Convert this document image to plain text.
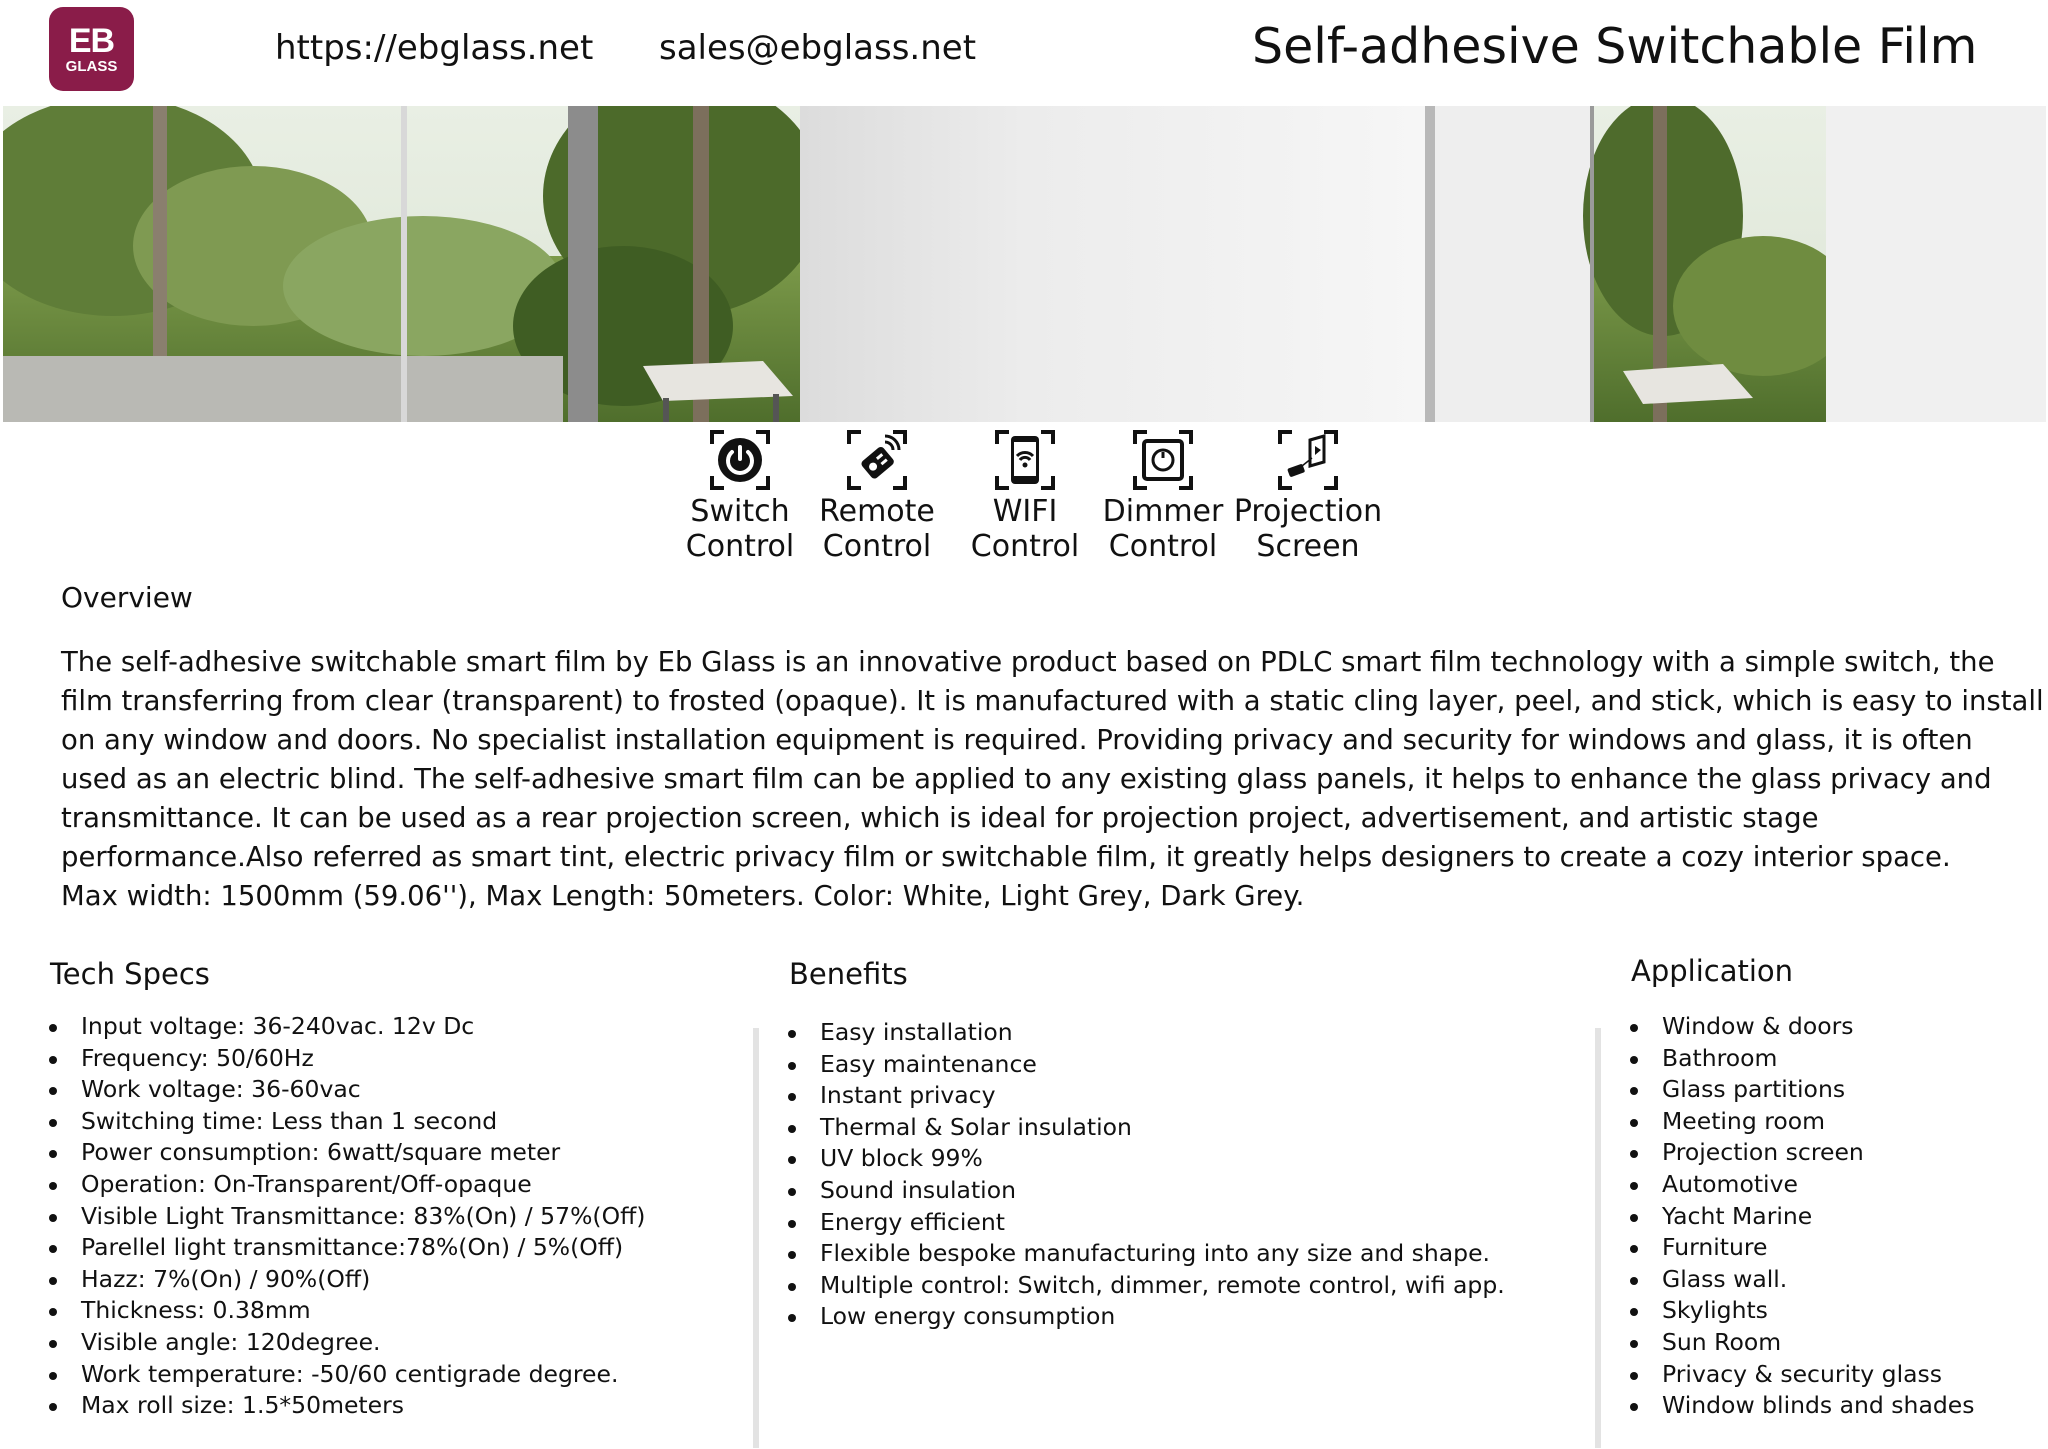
EB
GLASS	https://ebglass.net sales@ebglass.net	Self-adhesive Switchable Film
Switch
Control
Remote
Control
WIFI
Control
Dimmer
Control
Projection
Screen
Overview

The self-adhesive switchable smart film by Eb Glass is an innovative product based on PDLC smart film technology with a simple switch, the film transferring from clear (transparent) to frosted (opaque). It is manufactured with a static cling layer, peel, and stick, which is easy to install on any window and doors. No specialist installation equipment is required. Providing privacy and security for windows and glass, it is often used as an electric blind. The self-adhesive smart film can be applied to any existing glass panels, it helps to enhance the glass privacy and transmittance. It can be used as a rear projection screen, which is ideal for projection project, advertisement, and artistic stage performance.Also referred as smart tint, electric privacy film or switchable film, it greatly helps designers to create a cozy interior space.
Max width: 1500mm (59.06''), Max Length: 50meters. Color: White, Light Grey, Dark Grey.

Tech Specs
Input voltage: 36-240vac. 12v Dc
Frequency: 50/60Hz
Work voltage: 36-60vac
Switching time: Less than 1 second
Power consumption: 6watt/square meter
Operation: On-Transparent/Off-opaque
Visible Light Transmittance: 83%(On) / 57%(Off)
Parellel light transmittance:78%(On) / 5%(Off)
Hazz: 7%(On) / 90%(Off)
Thickness: 0.38mm
Visible angle: 120degree.
Work temperature: -50/60 centigrade degree.
Max roll size: 1.5*50meters
Benefits
Easy installation
Easy maintenance
Instant privacy
Thermal & Solar insulation
UV block 99%
Sound insulation
Energy efficient
Flexible bespoke manufacturing into any size and shape.
Multiple control: Switch, dimmer, remote control, wifi app.
Low energy consumption
Application
Window & doors
Bathroom
Glass partitions
Meeting room
Projection screen
Automotive
Yacht Marine
Furniture
Glass wall.
Skylights
Sun Room
Privacy & security glass
Window blinds and shades
